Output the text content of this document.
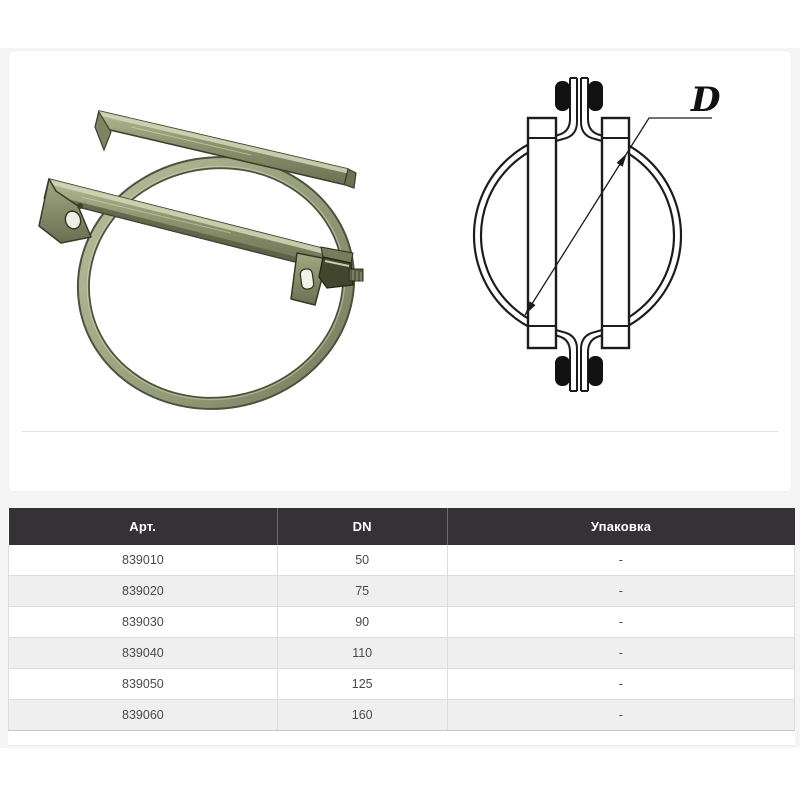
D
Арт.	DN	Упаковка
839010	50	-
839020	75	-
839030	90	-
839040	110	-
839050	125	-
839060	160	-
